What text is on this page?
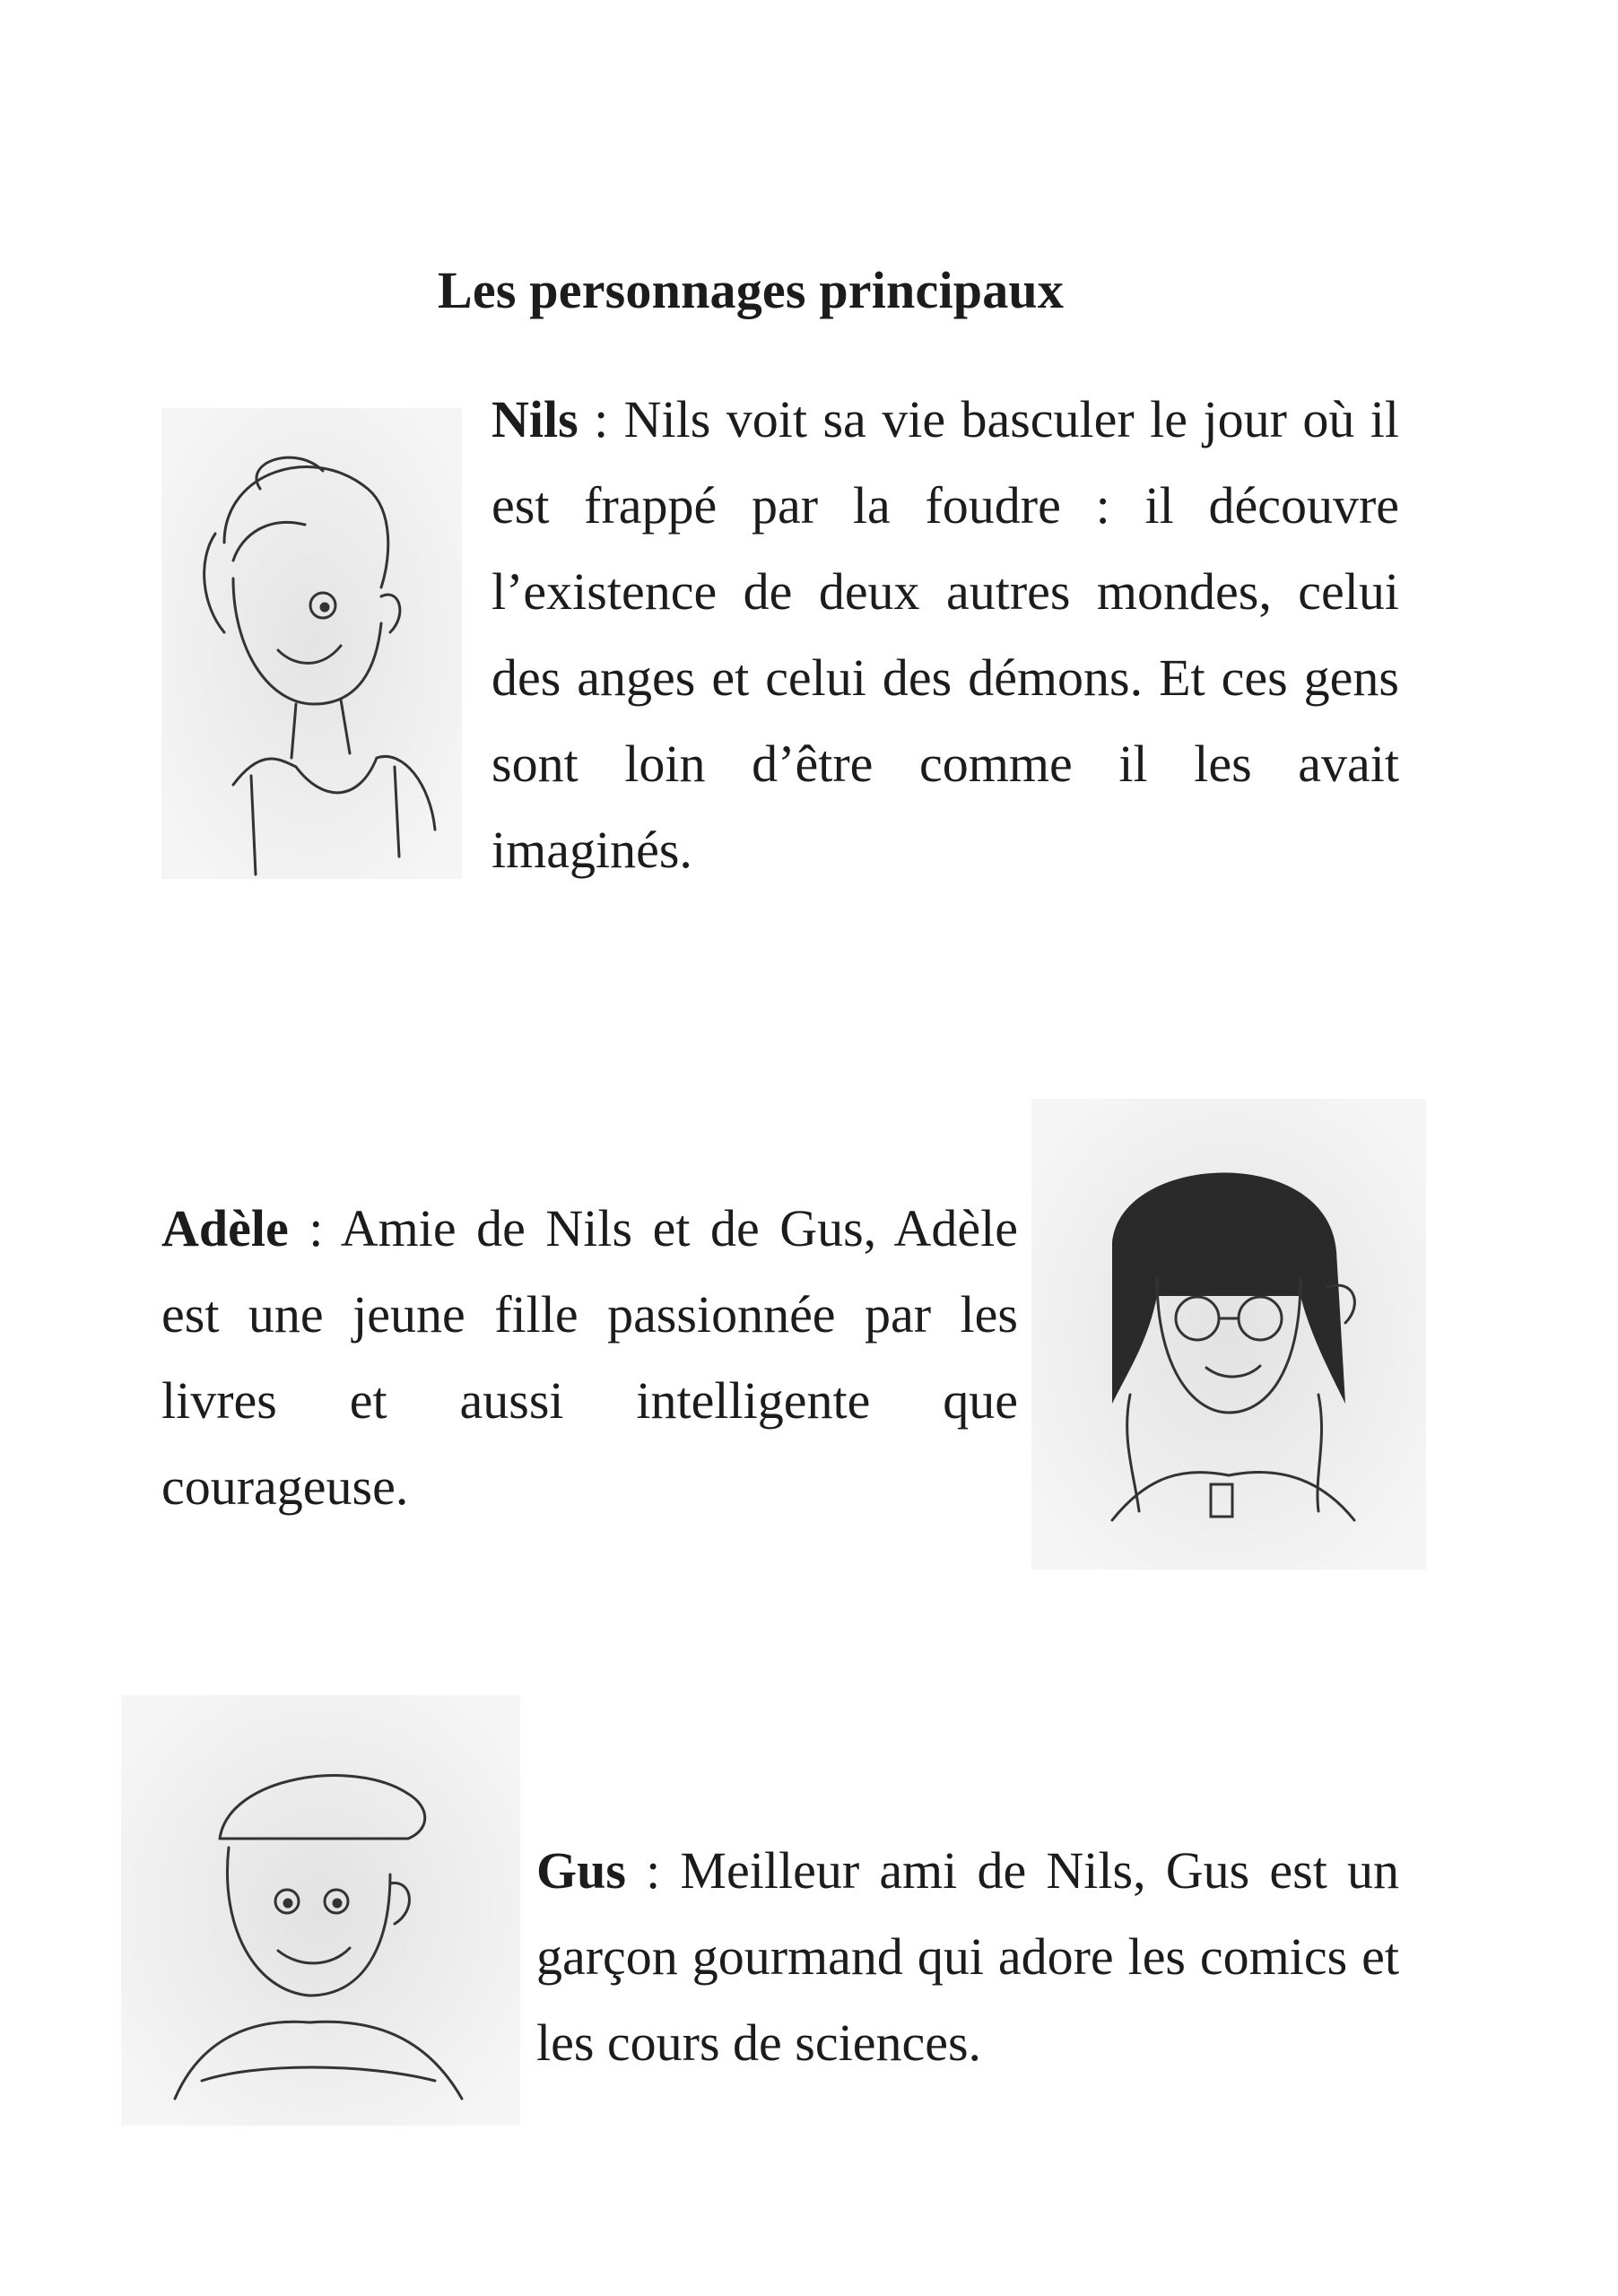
Les personnages principaux
Nils : Nils voit sa vie basculer le jour où il est frappé par la foudre : il découvre l’existence de deux autres mondes, celui des anges et celui des démons. Et ces gens sont loin d’être comme il les avait imaginés.
Adèle : Amie de Nils et de Gus, Adèle est une jeune fille passionnée par les livres et aussi intelligente que courageuse.
Gus : Meilleur ami de Nils, Gus est un garçon gourmand qui adore les comics et les cours de sciences.
